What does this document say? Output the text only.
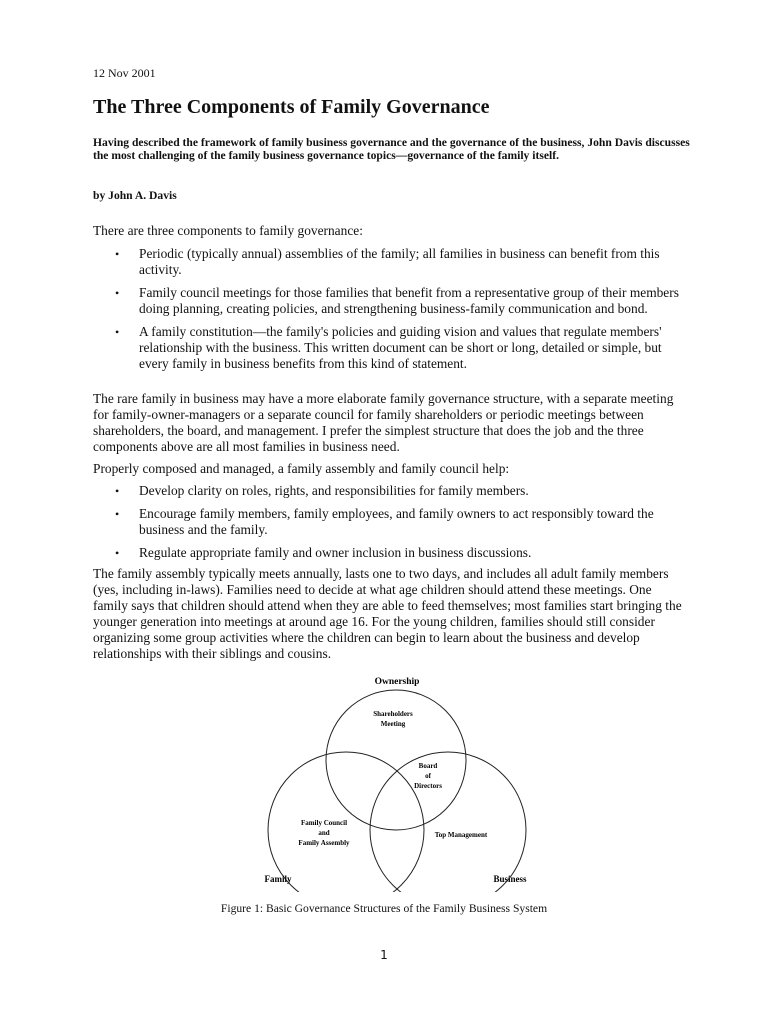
12 Nov 2001
The Three Components of Family Governance

Having described the framework of family business governance and the governance of the business, John Davis discusses the most challenging of the family business governance topics—governance of the family itself.

by John A. Davis

There are three components to family governance:

• Periodic (typically annual) assemblies of the family; all families in business can benefit from this activity.
• Family council meetings for those families that benefit from a representative group of their members doing planning, creating policies, and strengthening business-family communication and bond.
• A family constitution—the family's policies and guiding vision and values that regulate members' relationship with the business. This written document can be short or long, detailed or simple, but every family in business benefits from this kind of statement.

The rare family in business may have a more elaborate family governance structure, with a separate meeting for family-owner-managers or a separate council for family shareholders or periodic meetings between shareholders, the board, and management. I prefer the simplest structure that does the job and the three components above are all most families in business need.

Properly composed and managed, a family assembly and family council help:

• Develop clarity on roles, rights, and responsibilities for family members.
• Encourage family members, family employees, and family owners to act responsibly toward the business and the family.
• Regulate appropriate family and owner inclusion in business discussions.

The family assembly typically meets annually, lasts one to two days, and includes all adult family members (yes, including in-laws). Families need to decide at what age children should attend these meetings. One family says that children should attend when they are able to feed themselves; most families start bringing the younger generation into meetings at around age 16. For the young children, families should still consider organizing some group activities where the children can begin to learn about the business and develop relationships with their siblings and cousins.

Ownership
Shareholders
Meeting
Board
of
Directors
Family Council
and
Family Assembly
Top Management
Family	Business
Figure 1: Basic Governance Structures of the Family Business System
1
